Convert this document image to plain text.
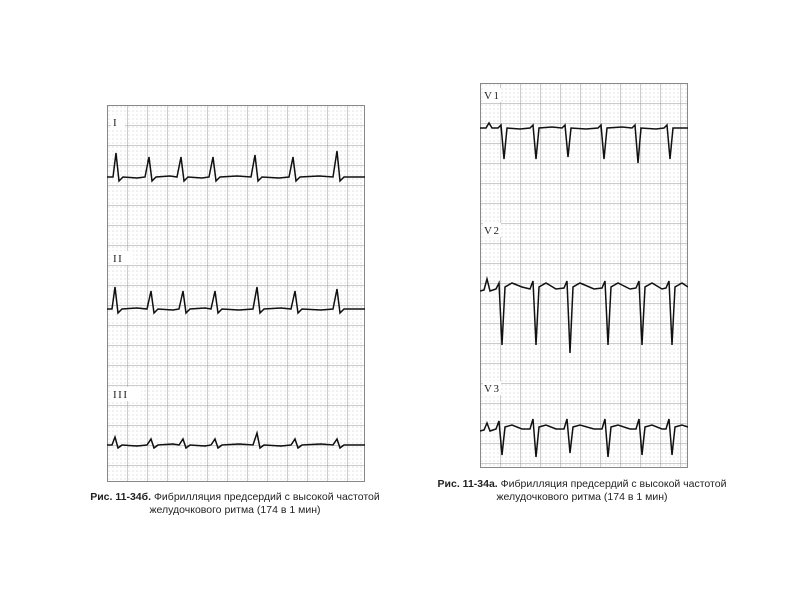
I
II
III
Рис. 11-34б. Фибрилляция предсердий с высокой частотой
желудочкового ритма (174 в 1 мин)
V1
V2
V3
Рис. 11-34а. Фибрилляция предсердий с высокой частотой
желудочкового ритма (174 в 1 мин)
